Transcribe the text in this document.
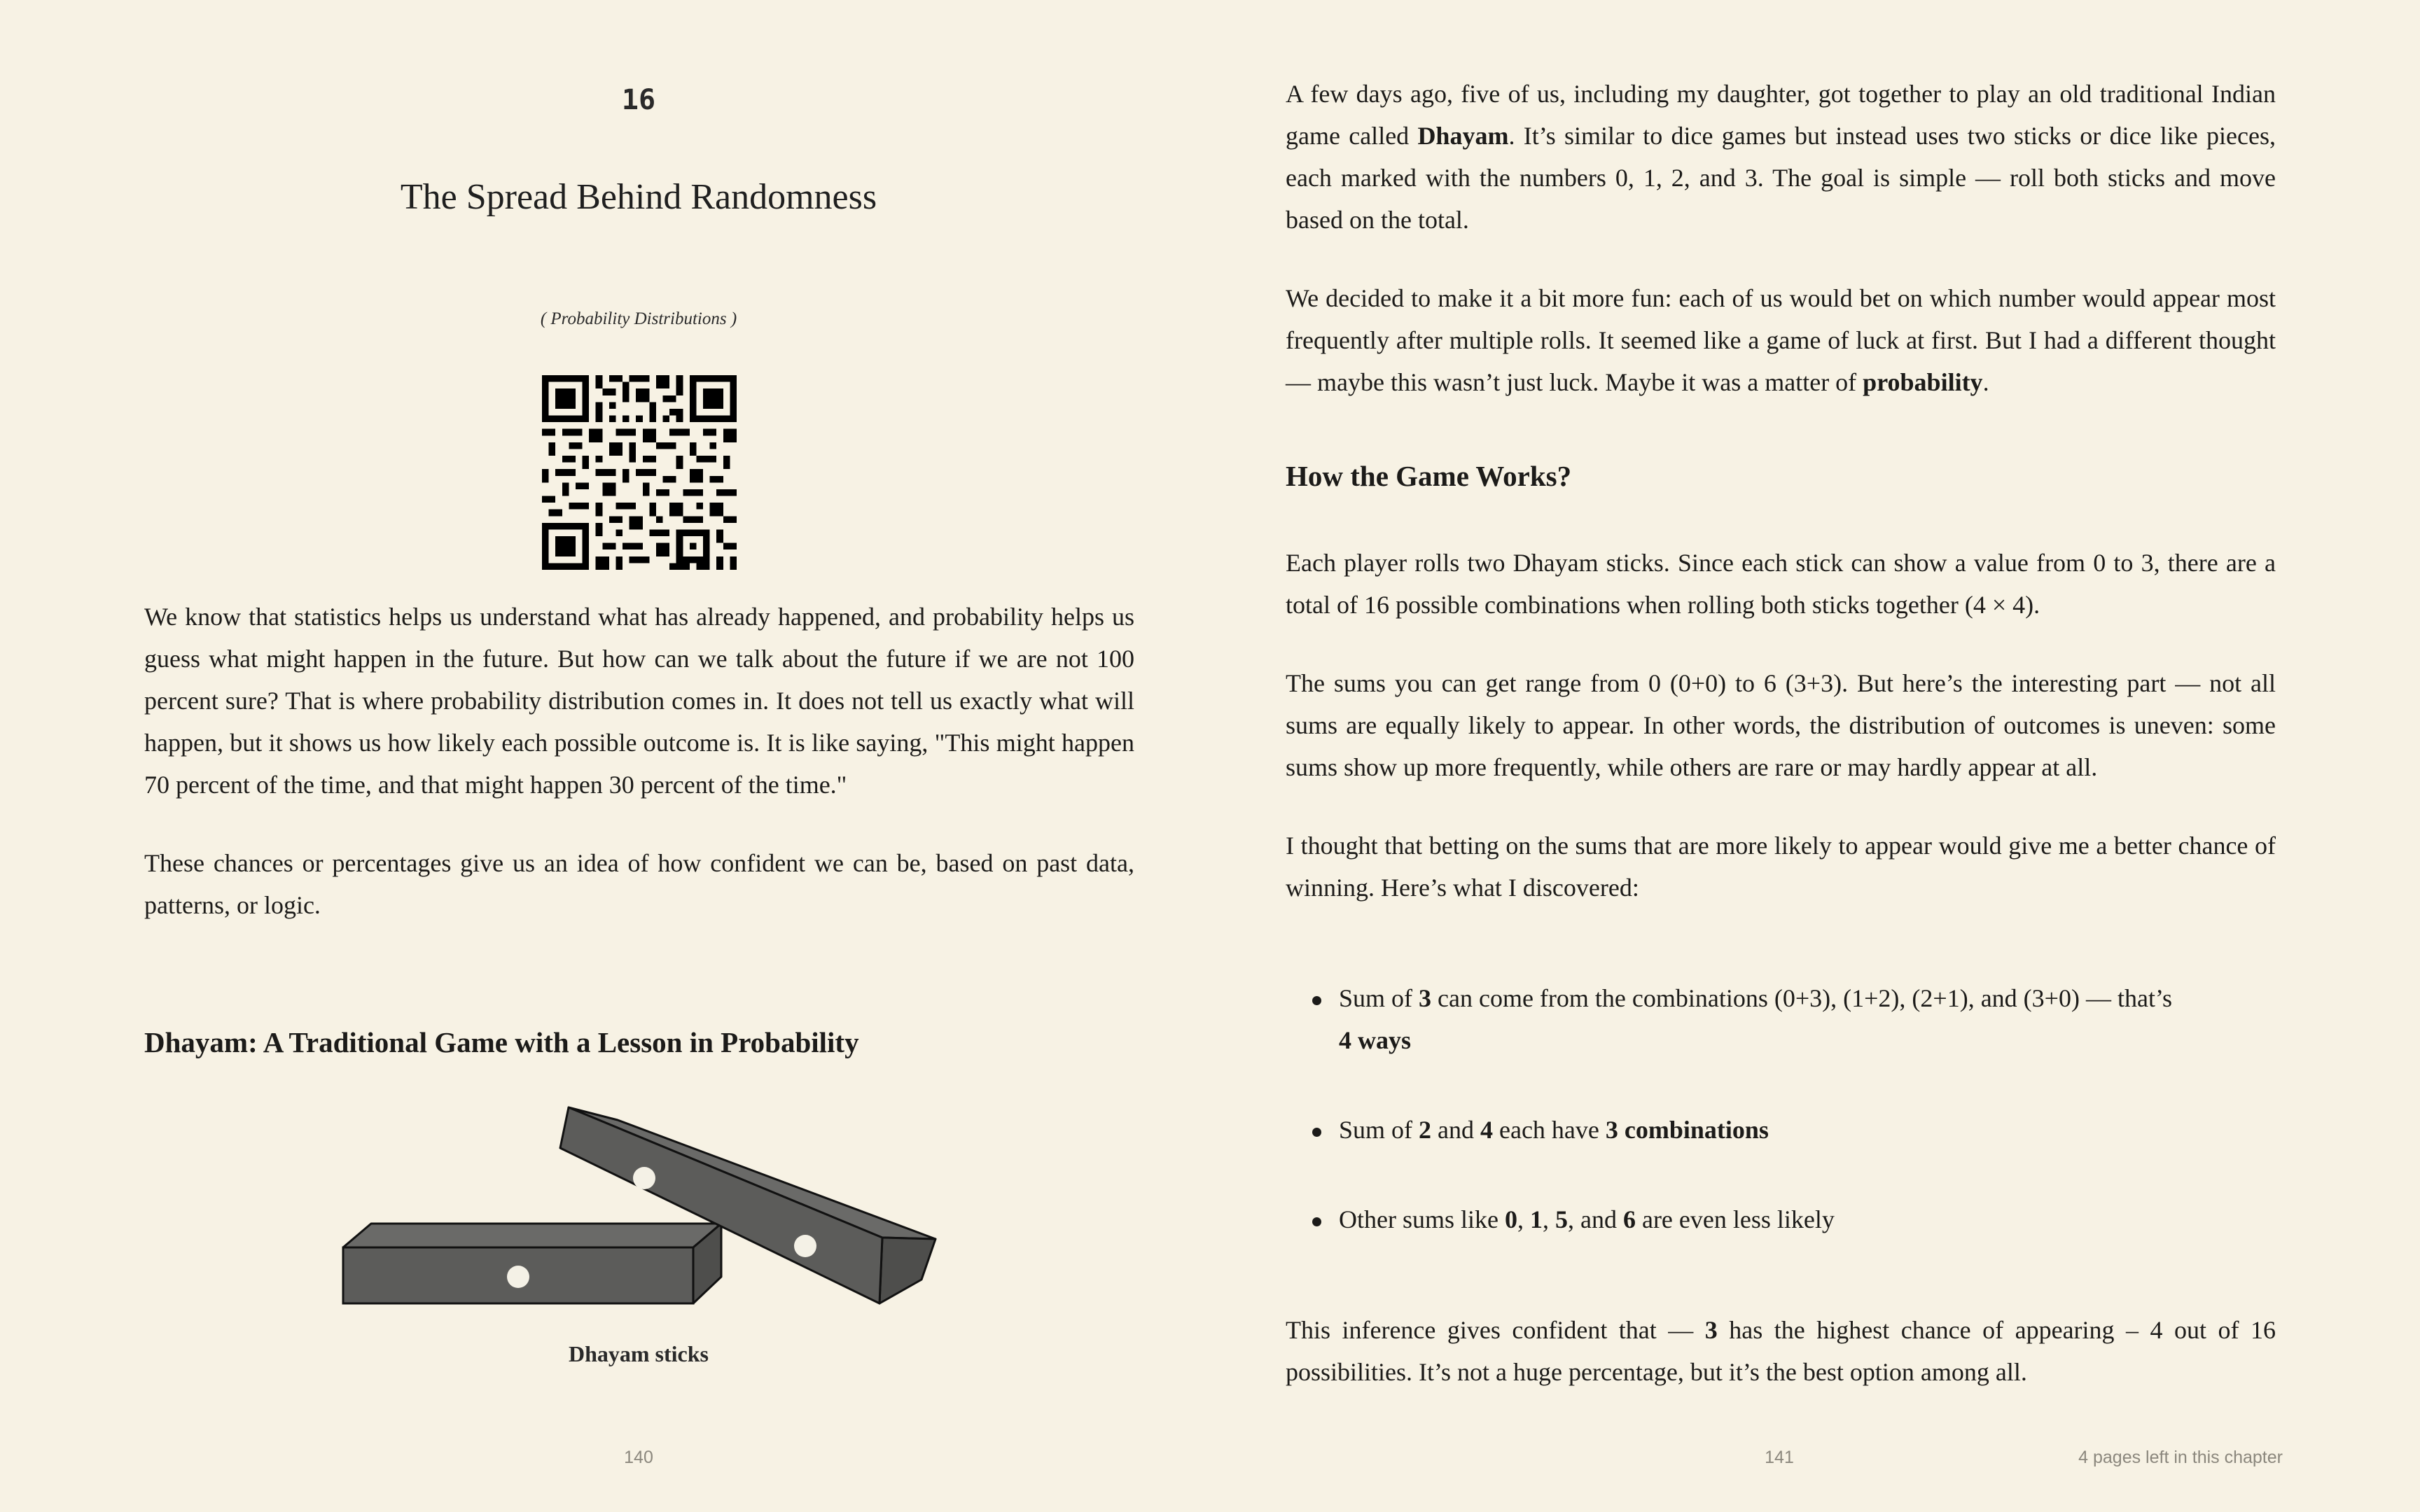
16
The Spread Behind Randomness
( Probability Distributions )

We know that statistics helps us understand what has already happened, and probability helps us guess what might happen in the future. But how can we talk about the future if we are not 100 percent sure? That is where probability distribution comes in. It does not tell us exactly what will happen, but it shows us how likely each possible outcome is. It is like saying, "This might happen 70 percent of the time, and that might happen 30 percent of the time."

These chances or percentages give us an idea of how confident we can be, based on past data, patterns, or logic.

Dhayam: A Traditional Game with a Lesson in Probability
Dhayam sticks
140

A few days ago, five of us, including my daughter, got together to play an old traditional Indian game called Dhayam. It’s similar to dice games but instead uses two sticks or dice like pieces, each marked with the numbers 0, 1, 2, and 3. The goal is simple — roll both sticks and move based on the total.

We decided to make it a bit more fun: each of us would bet on which number would appear most frequently after multiple rolls. It seemed like a game of luck at first. But I had a different thought — maybe this wasn’t just luck. Maybe it was a matter of probability.

How the Game Works?

Each player rolls two Dhayam sticks. Since each stick can show a value from 0 to 3, there are a total of 16 possible combinations when rolling both sticks together (4 × 4).

The sums you can get range from 0 (0+0) to 6 (3+3). But here’s the interesting part — not all sums are equally likely to appear. In other words, the distribution of outcomes is uneven: some sums show up more frequently, while others are rare or may hardly appear at all.

I thought that betting on the sums that are more likely to appear would give me a better chance of winning. Here’s what I discovered:

Sum of 3 can come from the combinations (0+3), (1+2), (2+1), and (3+0) — that’s
4 ways
Sum of 2 and 4 each have 3 combinations
Other sums like 0, 1, 5, and 6 are even less likely

This inference gives confident that — 3 has the highest chance of appearing – 4 out of 16 possibilities. It’s not a huge percentage, but it’s the best option among all.

141	4 pages left in this chapter
